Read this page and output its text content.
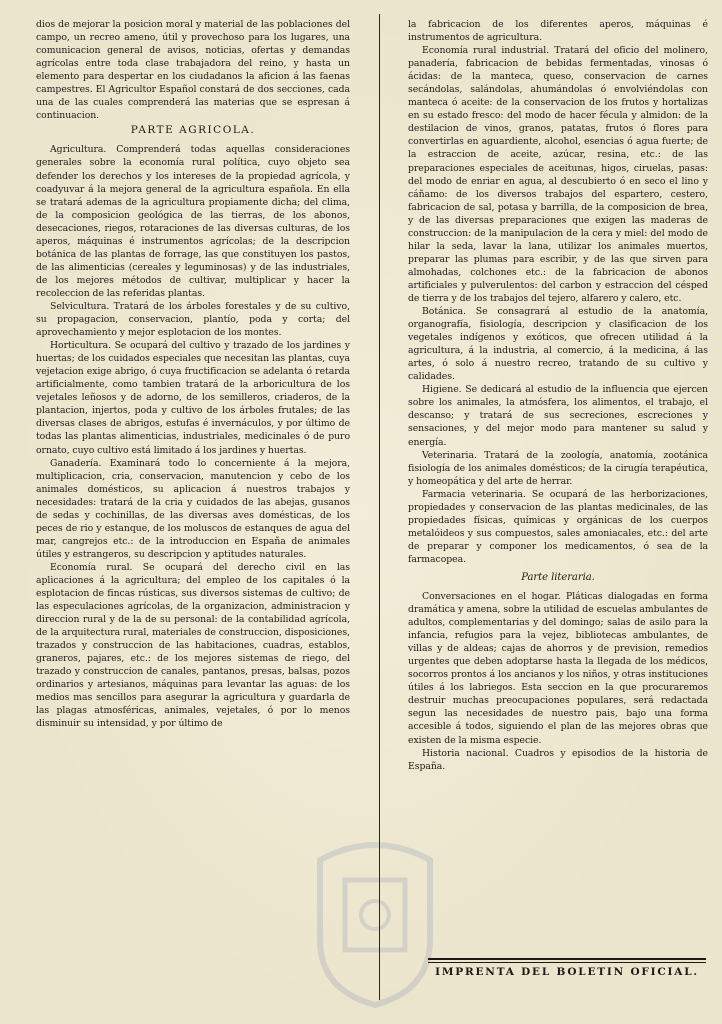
dios de mejorar la posicion moral y material de las poblaciones del campo, un recreo ameno, útil y provechoso para los lugares, una comunicacion general de avisos, noticias, ofertas y demandas agrícolas entre toda clase trabajadora del reino, y hasta un elemento para despertar en los ciudadanos la aficion á las faenas campestres. El Agricultor Español constará de dos secciones, cada una de las cuales comprenderá las materias que se espresan á continuacion.

PARTE AGRICOLA.

Agricultura. Comprenderá todas aquellas consideraciones generales sobre la economía rural política, cuyo objeto sea defender los derechos y los intereses de la propiedad agrícola, y coadyuvar á la mejora general de la agricultura española. En ella se tratará ademas de la agricultura propiamente dicha; del clima, de la composicion geológica de las tierras, de los abonos, desecaciones, riegos, rotaraciones de las diversas culturas, de los aperos, máquinas é instrumentos agrícolas; de la descripcion botánica de las plantas de forrage, las que constituyen los pastos, de las alimenticias (cereales y leguminosas) y de las industriales, de los mejores métodos de cultivar, multiplicar y hacer la recoleccion de las referidas plantas.

Selvicultura. Tratará de los árboles forestales y de su cultivo, su propagacion, conservacion, plantío, poda y corta; del aprovechamiento y mejor esplotacion de los montes.

Horticultura. Se ocupará del cultivo y trazado de los jardines y huertas; de los cuidados especiales que necesitan las plantas, cuya vejetacion exige abrigo, ó cuya fructificacion se adelanta ó retarda artificialmente, como tambien tratará de la arboricultura de los vejetales leñosos y de adorno, de los semilleros, criaderos, de la plantacion, injertos, poda y cultivo de los árboles frutales; de las diversas clases de abrigos, estufas é invernáculos, y por último de todas las plantas alimenticias, industriales, medicinales ó de puro ornato, cuyo cultivo está limitado á los jardines y huertas.

Ganadería. Examinará todo lo concerniente á la mejora, multiplicacion, cria, conservacion, manutencion y cebo de los animales domésticos, su aplicacion á nuestros trabajos y necesidades: tratará de la cria y cuidados de las abejas, gusanos de sedas y cochinillas, de las diversas aves domésticas, de los peces de rio y estanque, de los moluscos de estanques de agua del mar, cangrejos etc.: de la introduccion en España de animales útiles y estrangeros, su descripcion y aptitudes naturales.

Economía rural. Se ocupará del derecho civil en las aplicaciones á la agricultura; del empleo de los capitales ó la esplotacion de fincas rústicas, sus diversos sistemas de cultivo; de las especulaciones agrícolas, de la organizacion, administracion y direccion rural y de la de su personal: de la contabilidad agrícola, de la arquitectura rural, materiales de construccion, disposiciones, trazados y construccion de las habitaciones, cuadras, establos, graneros, pajares, etc.: de los mejores sistemas de riego, del trazado y construccion de canales, pantanos, presas, balsas, pozos ordinarios y artesianos, máquinas para levantar las aguas: de los medios mas sencillos para asegurar la agricultura y guardarla de las plagas atmosféricas, animales, vejetales, ó por lo menos disminuir su intensidad, y por último de

la fabricacion de los diferentes aperos, máquinas é instrumentos de agricultura.

Economía rural industrial. Tratará del oficio del molinero, panadería, fabricacion de bebidas fermentadas, vinosas ó ácidas: de la manteca, queso, conservacion de carnes secándolas, salándolas, ahumándolas ó envolviéndolas con manteca ó aceite: de la conservacion de los frutos y hortalizas en su estado fresco: del modo de hacer fécula y almidon: de la destilacion de vinos, granos, patatas, frutos ó flores para convertirlas en aguardiente, alcohol, esencias ó agua fuerte; de la estraccion de aceite, azúcar, resina, etc.: de las preparaciones especiales de aceitunas, higos, ciruelas, pasas: del modo de enriar en agua, al descubierto ó en seco el lino y cáñamo: de los diversos trabajos del espartero, cestero, fabricacion de sal, potasa y barrilla, de la composicion de brea, y de las diversas preparaciones que exigen las maderas de construccion: de la manipulacion de la cera y miel: del modo de hilar la seda, lavar la lana, utilizar los animales muertos, preparar las plumas para escribir, y de las que sirven para almohadas, colchones etc.: de la fabricacion de abonos artificiales y pulverulentos: del carbon y estraccion del césped de tierra y de los trabajos del tejero, alfarero y calero, etc.

Botánica. Se consagrará al estudio de la anatomía, organografía, fisiología, descripcion y clasificacion de los vegetales indígenos y exóticos, que ofrecen utilidad á la agricultura, á la industria, al comercio, á la medicina, á las artes, ó solo á nuestro recreo, tratando de su cultivo y calidades.

Higiene. Se dedicará al estudio de la influencia que ejercen sobre los animales, la atmósfera, los alimentos, el trabajo, el descanso; y tratará de sus secreciones, escreciones y sensaciones, y del mejor modo para mantener su salud y energía.

Veterinaria. Tratará de la zoología, anatomía, zootánica fisiología de los animales domésticos; de la cirugía terapéutica, y homeopática y del arte de herrar.

Farmacia veterinaria. Se ocupará de las herborizaciones, propiedades y conservacion de las plantas medicinales, de las propiedades físicas, químicas y orgánicas de los cuerpos metalóideos y sus compuestos, sales amoniacales, etc.: del arte de preparar y componer los medicamentos, ó sea de la farmacopea.

Parte literaria.

Conversaciones en el hogar. Pláticas dialogadas en forma dramática y amena, sobre la utilidad de escuelas ambulantes de adultos, complementarias y del domingo; salas de asilo para la infancia, refugios para la vejez, bibliotecas ambulantes, de villas y de aldeas; cajas de ahorros y de prevision, remedios urgentes que deben adoptarse hasta la llegada de los médicos, socorros prontos á los ancianos y los niños, y otras instituciones útiles á los labriegos. Esta seccion en la que procuraremos destruir muchas preocupaciones populares, será redactada segun las necesidades de nuestro pais, bajo una forma accesible á todos, siguiendo el plan de las mejores obras que existen de la misma especie.

Historia nacional. Cuadros y episodios de la historia de España.

IMPRENTA DEL BOLETIN OFICIAL.
